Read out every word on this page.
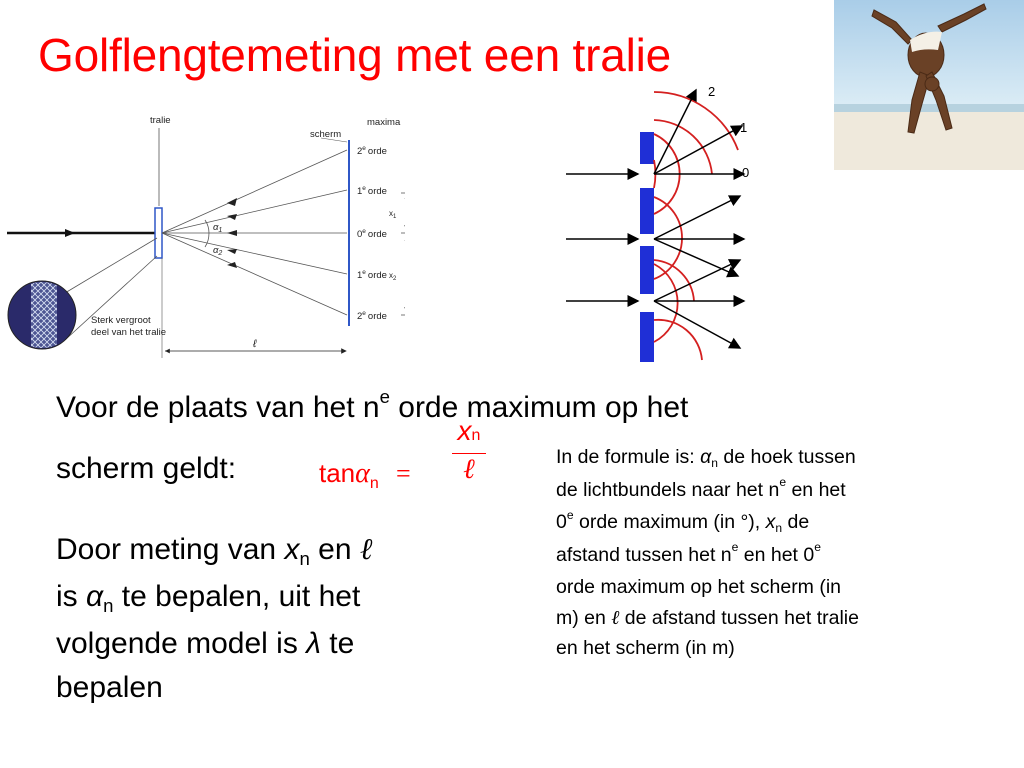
Golflengtemeting met een tralie
tralie
scherm
maxima
$\alpha_1$
$\alpha_2$
2e orde
1e orde
0e orde
1e orde
2e orde
$x_1$
$x_2$
ℓ
Sterk vergroot
deel van het tralie
2
1
0
Voor de plaats van het $n^e$ orde maximum op het
scherm geldt:	tanα$_n$ =
xn
ℓ
Door meting van $x_n$ en ℓ
is $\alpha_n$ te bepalen, uit het
volgende model is λ te
bepalen
In de formule is: $\alpha_n$ de hoek tussen
de lichtbundels naar het $n^e$ en het
0e orde maximum (in °), $x_n$ de
afstand tussen het $n^e$ en het 0e
orde maximum op het scherm (in
m) en ℓ de afstand tussen het tralie
en het scherm (in m)
